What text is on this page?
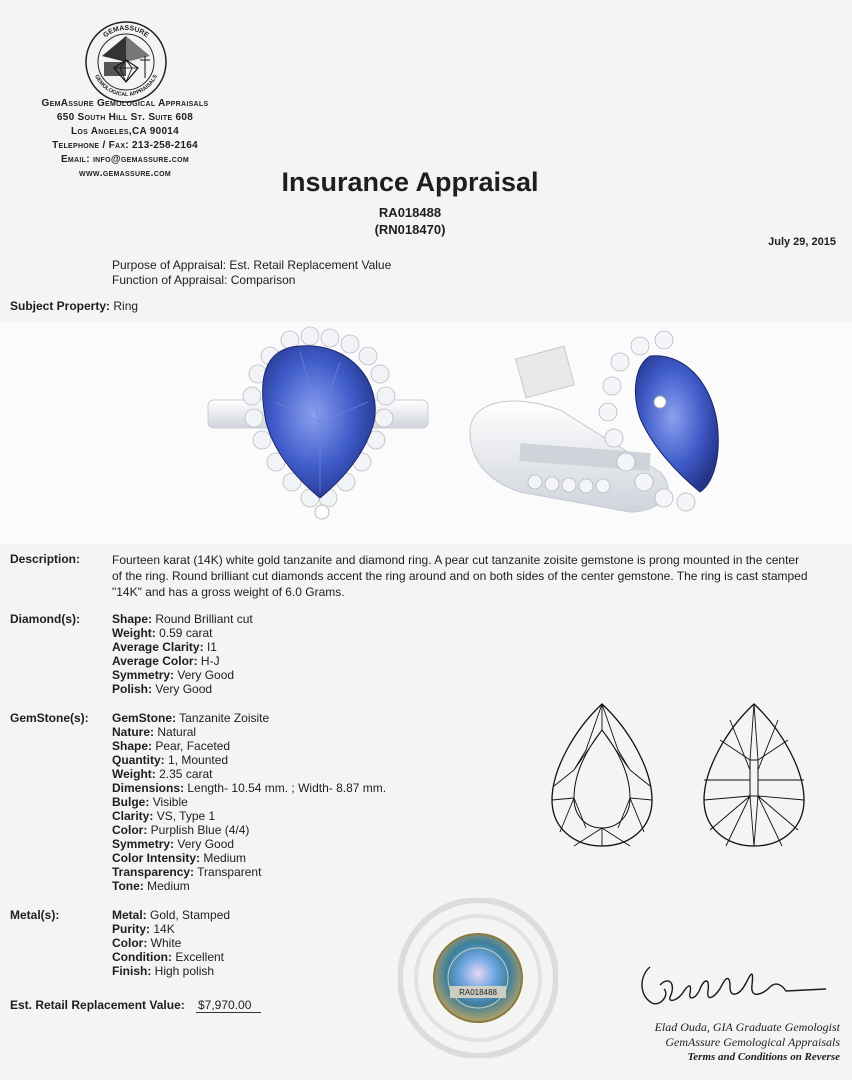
GEMASSURE
GEMOLOGICAL APPRAISALS
GemAssure Gemological Appraisals
650 South Hill St. Suite 608
Los Angeles,CA 90014
Telephone / Fax: 213-258-2164
Email: info@gemassure.com
www.gemassure.com	Insurance Appraisal
RA018488
(RN018470)
July 29, 2015
Purpose of Appraisal: Est. Retail Replacement Value
Function of Appraisal: Comparison
Subject Property: Ring
Description:	Fourteen karat (14K) white gold tanzanite and diamond ring. A pear cut tanzanite zoisite gemstone is prong mounted in the center of the ring. Round brilliant cut diamonds accent the ring around and on both sides of the center gemstone. The ring is cast stamped "14K" and has a gross weight of 6.0 Grams.
Diamond(s):	Shape: Round Brilliant cut
Weight: 0.59 carat
Average Clarity: I1
Average Color: H-J
Symmetry: Very Good
Polish: Very Good
GemStone(s): GemStone: Tanzanite Zoisite
Nature: Natural
Shape: Pear, Faceted
Quantity: 1, Mounted
Weight: 2.35 carat
Dimensions: Length- 10.54 mm. ; Width- 8.87 mm.
Bulge: Visible
Clarity: VS, Type 1
Color: Purplish Blue (4/4)
Symmetry: Very Good
Color Intensity: Medium
Transparency: Transparent
Tone: Medium
Metal(s):	Metal: Gold, Stamped
Purity: 14K
Color: White
Condition: Excellent
Finish: High polish
RA018488
Elad Ouda, GIA Graduate Gemologist
GemAssure Gemological Appraisals
Terms and Conditions on Reverse
Est. Retail Replacement Value: $7,970.00
